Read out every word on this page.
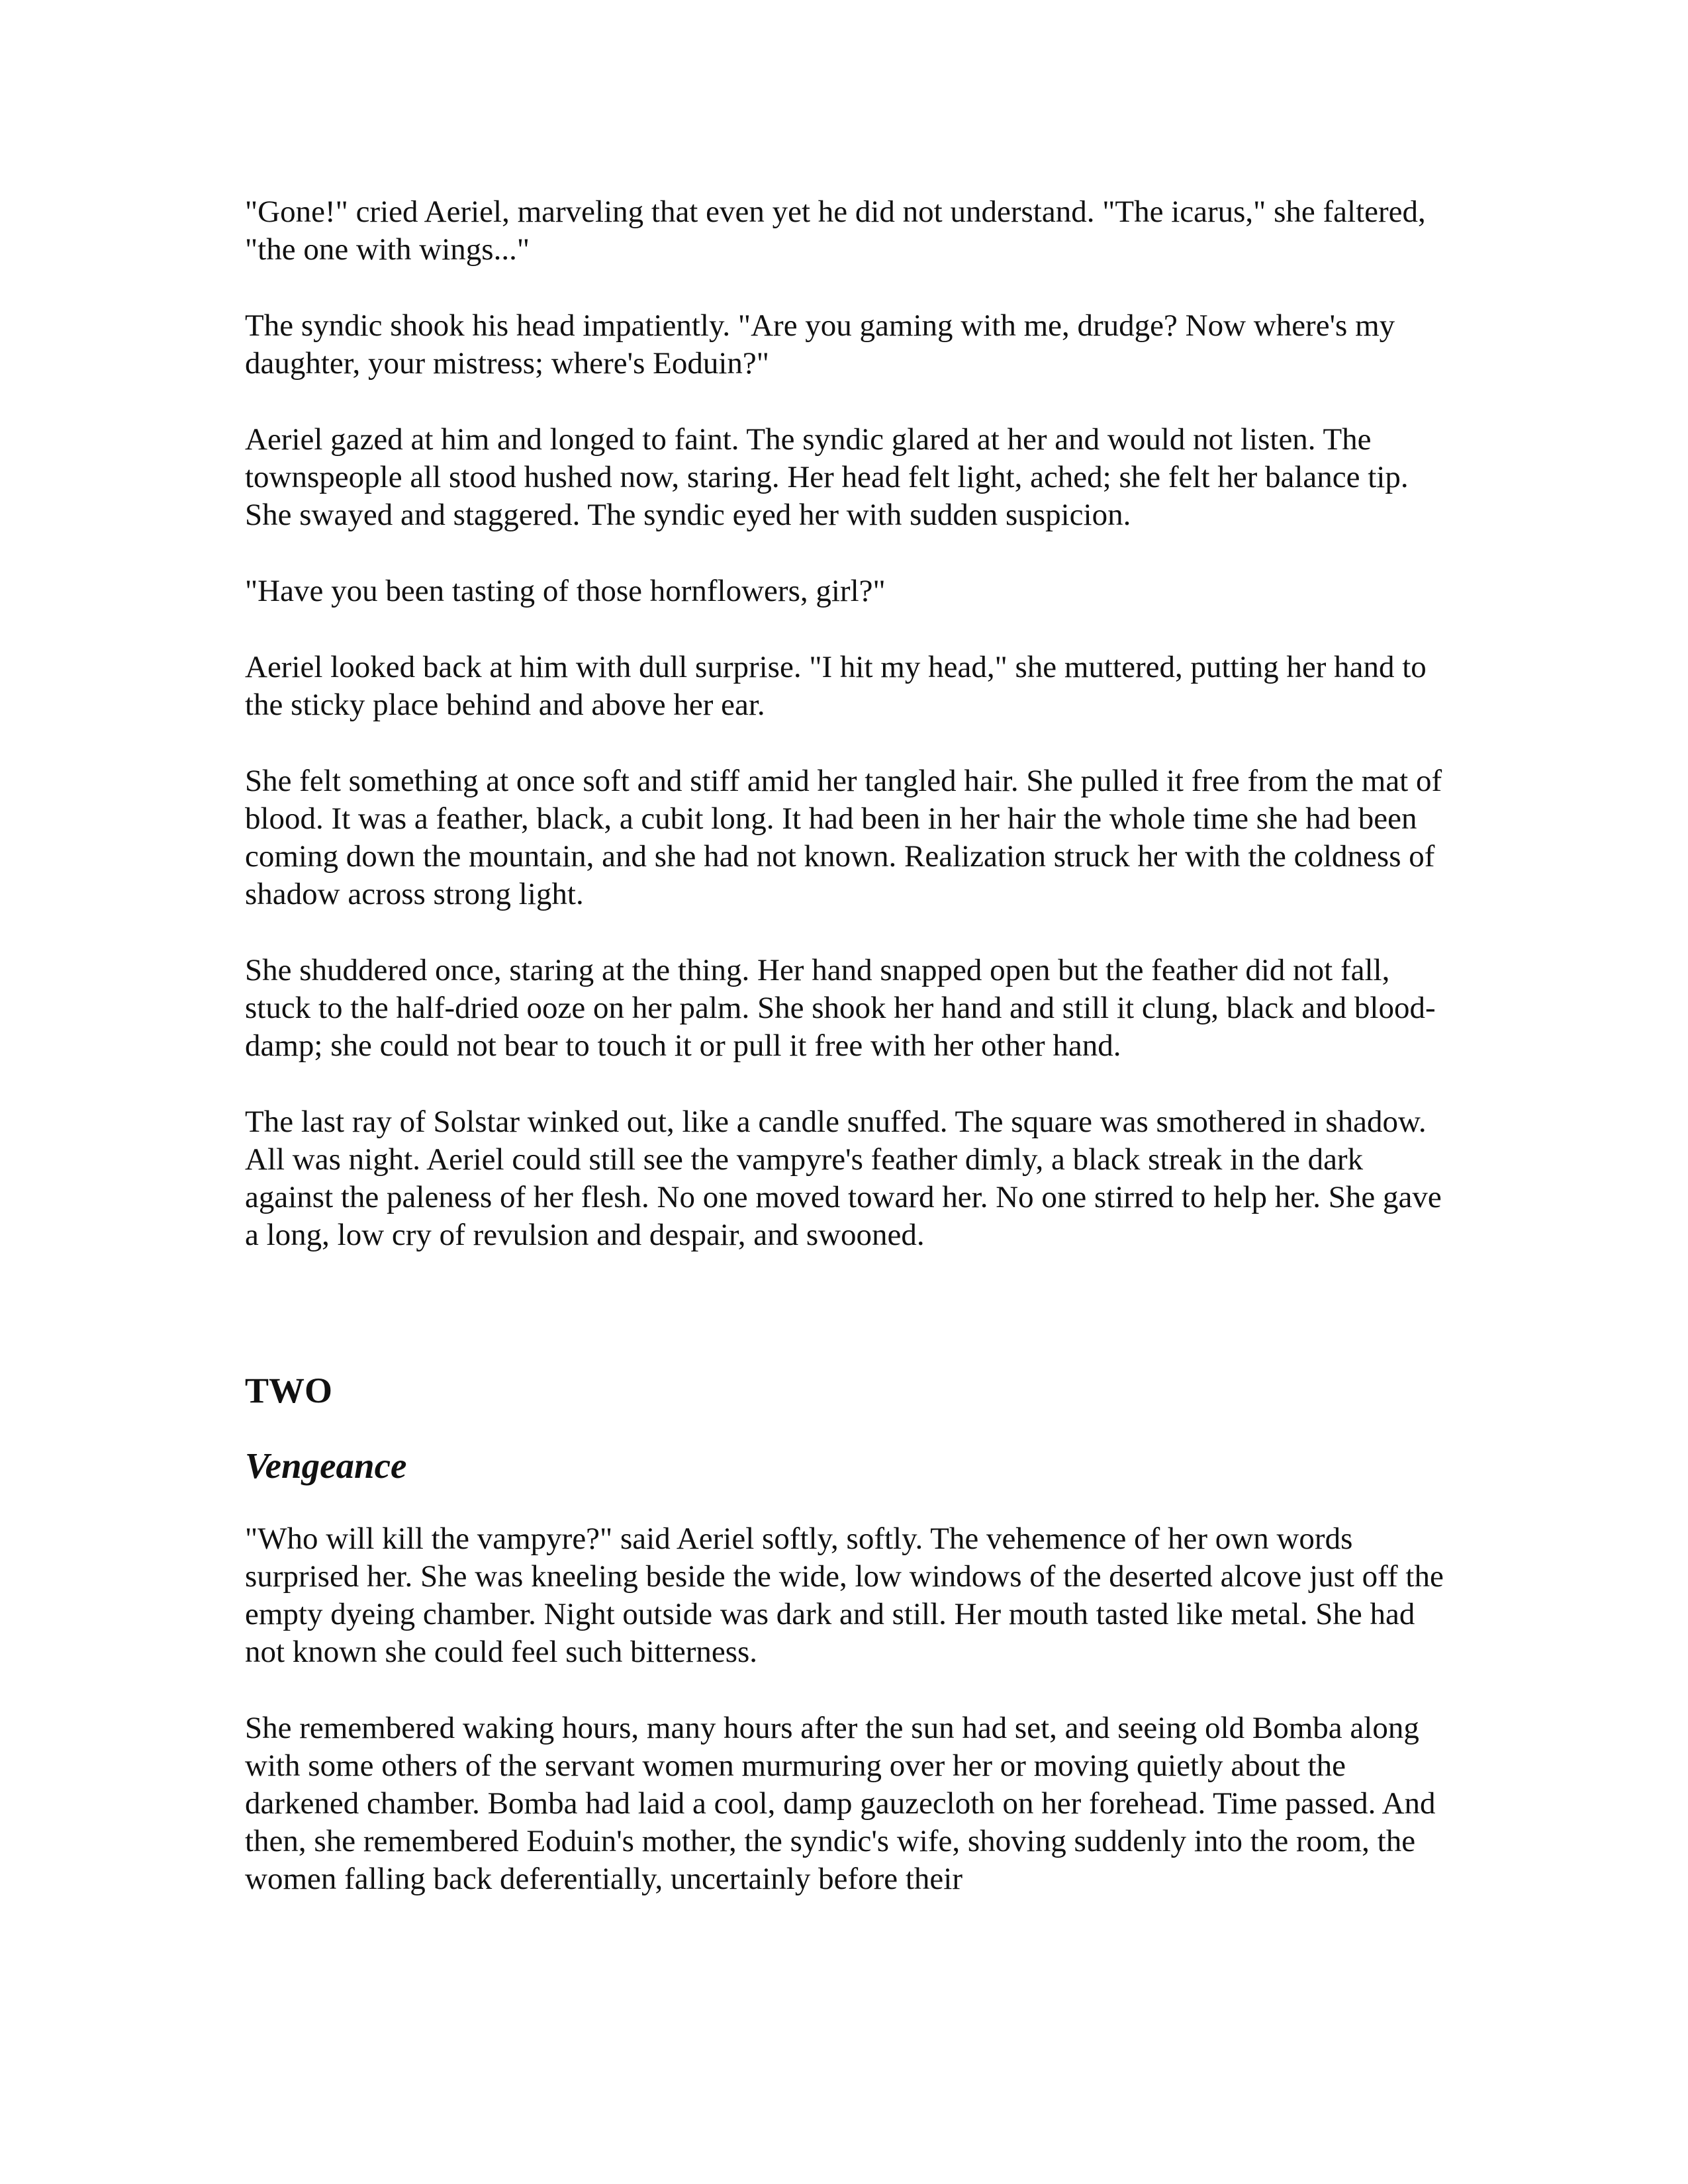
"Gone!" cried Aeriel, marveling that even yet he did not understand. "The icarus," she faltered, "the one with wings..."

The syndic shook his head impatiently. "Are you gaming with me, drudge? Now where's my daughter, your mistress; where's Eoduin?"

Aeriel gazed at him and longed to faint. The syndic glared at her and would not listen. The townspeople all stood hushed now, staring. Her head felt light, ached; she felt her balance tip. She swayed and staggered. The syndic eyed her with sudden suspicion.

"Have you been tasting of those hornflowers, girl?"

Aeriel looked back at him with dull surprise. "I hit my head," she muttered, putting her hand to the sticky place behind and above her ear.

She felt something at once soft and stiff amid her tangled hair. She pulled it free from the mat of blood. It was a feather, black, a cubit long. It had been in her hair the whole time she had been coming down the mountain, and she had not known. Realization struck her with the coldness of shadow across strong light.

She shuddered once, staring at the thing. Her hand snapped open but the feather did not fall, stuck to the half-dried ooze on her palm. She shook her hand and still it clung, black and blood-damp; she could not bear to touch it or pull it free with her other hand.

The last ray of Solstar winked out, like a candle snuffed. The square was smothered in shadow. All was night. Aeriel could still see the vampyre's feather dimly, a black streak in the dark against the paleness of her flesh. No one moved toward her. No one stirred to help her. She gave a long, low cry of revulsion and despair, and swooned.

TWO
Vengeance

"Who will kill the vampyre?" said Aeriel softly, softly. The vehemence of her own words surprised her. She was kneeling beside the wide, low windows of the deserted alcove just off the empty dyeing chamber. Night outside was dark and still. Her mouth tasted like metal. She had not known she could feel such bitterness.

She remembered waking hours, many hours after the sun had set, and seeing old Bomba along with some others of the servant women murmuring over her or moving quietly about the darkened chamber. Bomba had laid a cool, damp gauzecloth on her forehead. Time passed. And then, she remembered Eoduin's mother, the syndic's wife, shoving suddenly into the room, the women falling back deferentially, uncertainly before their
